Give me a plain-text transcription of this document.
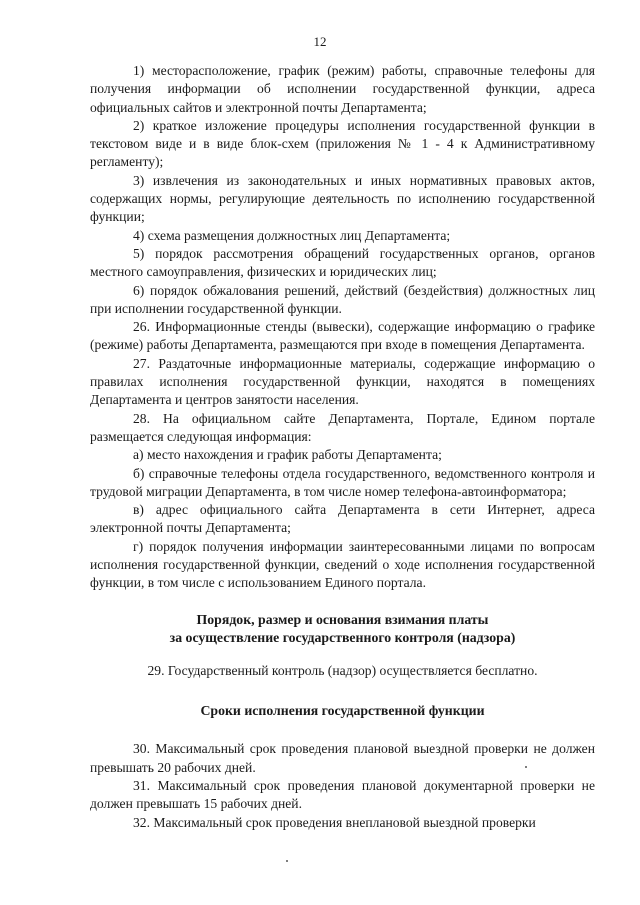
12

1) месторасположение, график (режим) работы, справочные телефоны для получения информации об исполнении государственной функции, адреса официальных сайтов и электронной почты Департамента;

2) краткое изложение процедуры исполнения государственной функции в текстовом виде и в виде блок-схем (приложения № 1 - 4 к Административному регламенту);

3) извлечения из законодательных и иных нормативных правовых актов, содержащих нормы, регулирующие деятельность по исполнению государственной функции;

4) схема размещения должностных лиц Департамента;

5) порядок рассмотрения обращений государственных органов, органов местного самоуправления, физических и юридических лиц;

6) порядок обжалования решений, действий (бездействия) должностных лиц при исполнении государственной функции.

26. Информационные стенды (вывески), содержащие информацию о графике (режиме) работы Департамента, размещаются при входе в помещения Департамента.

27. Раздаточные информационные материалы, содержащие информацию о правилах исполнения государственной функции, находятся в помещениях Департамента и центров занятости населения.

28. На официальном сайте Департамента, Портале, Едином портале размещается следующая информация:

а) место нахождения и график работы Департамента;

б) справочные телефоны отдела государственного, ведомственного контроля и трудовой миграции Департамента, в том числе номер телефона-автоинформатора;

в) адрес официального сайта Департамента в сети Интернет, адреса электронной почты Департамента;

г) порядок получения информации заинтересованными лицами по вопросам исполнения государственной функции, сведений о ходе исполнения государственной функции, в том числе с использованием Единого портала.

Порядок, размер и основания взимания платы

за осуществление государственного контроля (надзора)

29. Государственный контроль (надзор) осуществляется бесплатно.

Сроки исполнения государственной функции

30. Максимальный срок проведения плановой выездной проверки не должен превышать 20 рабочих дней.

31. Максимальный срок проведения плановой документарной проверки не должен превышать 15 рабочих дней.

32. Максимальный срок проведения внеплановой выездной проверки
